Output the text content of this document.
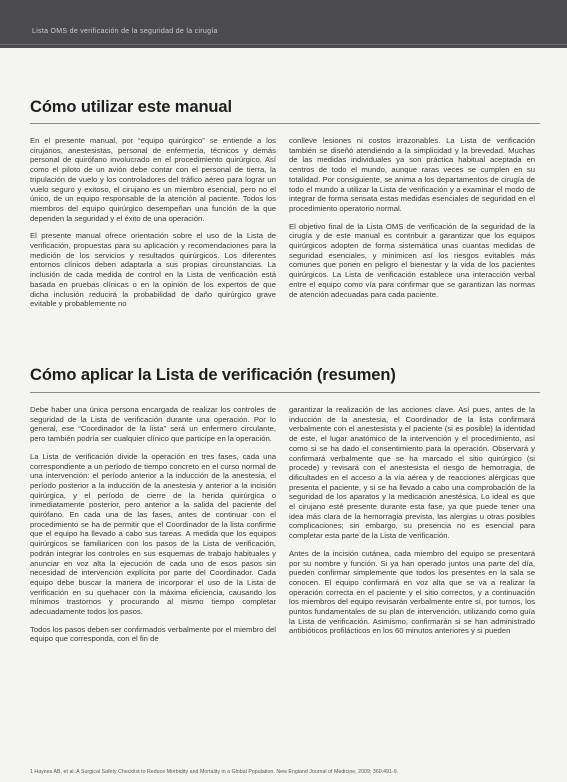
Lista OMS de verificación de la seguridad de la cirugía
Cómo utilizar este manual

En el presente manual, por “equipo quirúrgico” se entiende a los cirujanos, anestesistas, personal de enfermería, técnicos y demás personal de quirófano involucrado en el procedimiento quirúrgico. Así como el piloto de un avión debe contar con el personal de tierra, la tripulación de vuelo y los controladores del tráfico aéreo para lograr un vuelo seguro y exitoso, el cirujano es un miembro esencial, pero no el único, de un equipo responsable de la atención al paciente. Todos los miembros del equipo quirúrgico desempeñan una función de la que dependen la seguridad y el éxito de una operación.

El presente manual ofrece orientación sobre el uso de la Lista de verificación, propuestas para su aplicación y recomendaciones para la medición de los servicios y resultados quirúrgicos. Los diferentes entornos clínicos deben adaptarla a sus propias circunstancias. La inclusión de cada medida de control en la Lista de verificación está basada en pruebas clínicas o en la opinión de los expertos de que dicha inclusión reducirá la probabilidad de daño quirúrgico grave evitable y probablemente no

conlleve lesiones ni costos irrazonables. La Lista de verificación también se diseñó atendiendo a la simplicidad y la brevedad. Muchas de las medidas individuales ya son práctica habitual aceptada en centros de todo el mundo, aunque raras veces se cumplen en su totalidad. Por consiguiente, se anima a los departamentos de cirugía de todo el mundo a utilizar la Lista de verificación y a examinar el modo de integrar de forma sensata estas medidas esenciales de seguridad en el procedimiento operatorio normal.

El objetivo final de la Lista OMS de verificación de la seguridad de la cirugía y de este manual es contribuir a garantizar que los equipos quirúrgicos adopten de forma sistemática unas cuantas medidas de seguridad esenciales, y minimicen así los riesgos evitables más comunes que ponen en peligro el bienestar y la vida de los pacientes quirúrgicos. La Lista de verificación establece una interacción verbal entre el equipo como vía para confirmar que se garantizan las normas de atención adecuadas para cada paciente.

Cómo aplicar la Lista de verificación (resumen)

Debe haber una única persona encargada de realizar los controles de seguridad de la Lista de verificación durante una operación. Por lo general, ese “Coordinador de la lista” será un enfermero circulante, pero también podría ser cualquier clínico que participe en la operación.

La Lista de verificación divide la operación en tres fases, cada una correspondiente a un período de tiempo concreto en el curso normal de una intervención: el período anterior a la inducción de la anestesia, el período posterior a la inducción de la anestesia y anterior a la incisión quirúrgica, y el período de cierre de la herida quirúrgica o inmediatamente posterior, pero anterior a la salida del paciente del quirófano. En cada una de las fases, antes de continuar con el procedimiento se ha de permitir que el Coordinador de la lista confirme que el equipo ha llevado a cabo sus tareas. A medida que los equipos quirúrgicos se familiaricen con los pasos de la Lista de verificación, podrán integrar los controles en sus esquemas de trabajo habituales y anunciar en voz alta la ejecución de cada uno de esos pasos sin necesidad de intervención explícita por parte del Coordinador. Cada equipo debe buscar la manera de incorporar el uso de la Lista de verificación en su quehacer con la máxima eficiencia, causando los mínimos trastornos y procurando al mismo tiempo completar adecuadamente todos los pasos.

Todos los pasos deben ser confirmados verbalmente por el miembro del equipo que corresponda, con el fin de

garantizar la realización de las acciones clave. Así pues, antes de la inducción de la anestesia, el Coordinador de la lista confirmará verbalmente con el anestesista y el paciente (si es posible) la identidad de este, el lugar anatómico de la intervención y el procedimiento, así como si se ha dado el consentimiento para la operación. Observará y confirmará verbalmente que se ha marcado el sitio quirúrgico (si procede) y revisará con el anestesista el riesgo de hemorragia, de dificultades en el acceso a la vía aérea y de reacciones alérgicas que presenta el paciente, y si se ha llevado a cabo una comprobación de la seguridad de los aparatos y la medicación anestésica. Lo ideal es que el cirujano esté presente durante esta fase, ya que puede tener una idea más clara de la hemorragia prevista, las alergias u otras posibles complicaciones; sin embargo, su presencia no es esencial para completar esta parte de la Lista de verificación.

Antes de la incisión cutánea, cada miembro del equipo se presentará por su nombre y función. Si ya han operado juntos una parte del día, pueden confirmar simplemente que todos los presentes en la sala se conocen. El equipo confirmará en voz alta que se va a realizar la operación correcta en el paciente y el sitio correctos, y a continuación los miembros del equipo revisarán verbalmente entre sí, por turnos, los puntos fundamentales de su plan de intervención, utilizando como guía la Lista de verificación. Asimismo, confirmarán si se han administrado antibióticos profilácticos en los 60 minutos anteriores y si pueden

1 Haynes AB, et al. A Surgical Safety Checklist to Reduce Morbidity and Mortality in a Global Population. New England Journal of Medicine, 2009; 360:491-9.
